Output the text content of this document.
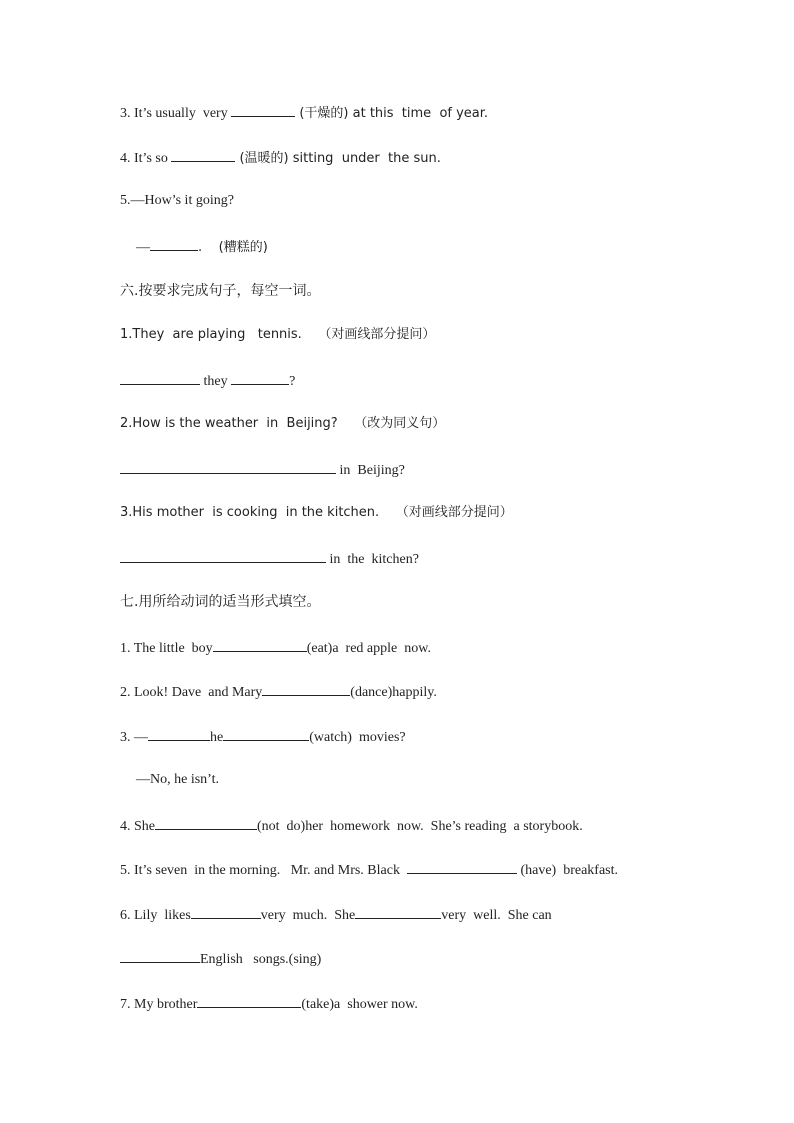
3. It’s usually  very	(干燥的) at this  time  of year.
4. It’s so	(温暖的) sitting  under  the sun.
5.—How’s it going?
—	.    (糟糕的)
六.按要求完成句子，每空一词。
1.They  are playing   tennis.    （对画线部分提问）
they	?
2.How is the weather  in  Beijing?    （改为同义句）
in  Beijing?
3.His mother  is cooking  in the kitchen.    （对画线部分提问）
in  the  kitchen?
七.用所给动词的适当形式填空。
1. The little  boy	(eat)a  red apple  now.
2. Look! Dave  and Mary	(dance)happily.
3. —	he	(watch)  movies?
—No, he isn’t.
4. She	(not  do)her  homework  now.  She’s reading  a storybook.
5. It’s seven  in the morning.   Mr. and Mrs. Black	(have)  breakfast.
6. Lily  likes	very  much.  She	very  well.  She can
English   songs.(sing)
7. My brother	(take)a  shower now.
